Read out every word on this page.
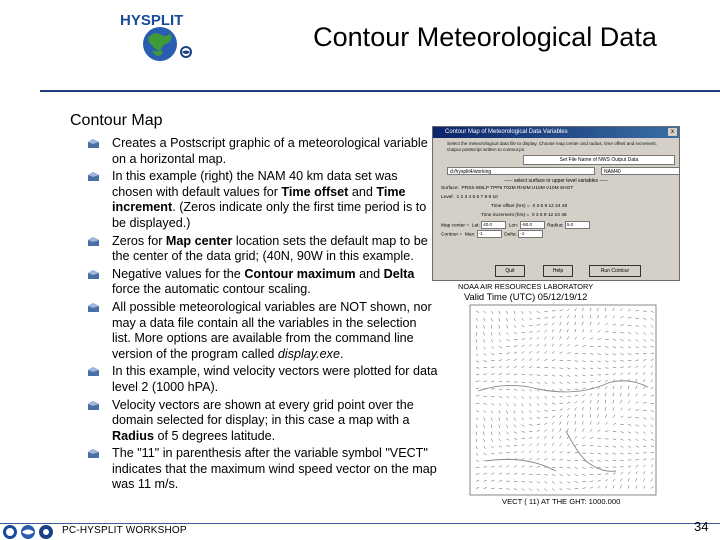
HYSPLIT
Contour Meteorological Data
Contour Map
Creates a Postscript graphic of a meteorological variable on a horizontal map.
In this example (right) the NAM 40 km data set was chosen with default values for Time offset and Time increment. (Zeros indicate only the first time period is to be displayed.)
Zeros for Map center location sets the default map to be the center of the data grid; (40N, 90W in this example.
Negative values for the Contour maximum and Delta force the automatic contour scaling.
All possible meteorological variables are NOT shown, nor may a data file contain all the variables in the selection list. More options are available from the command line version of the program called display.exe.
In this example, wind velocity vectors were plotted for data level 2 (1000 hPA).
Velocity vectors are shown at every grid point over the domain selected for display; in this case a map with a Radius of 5 degrees latitude.
The "11" in parenthesis after the variable symbol "VECT" indicates that the maximum wind speed vector on the map was 11 m/s.
Contour Map of Meteorological Data Variables	x
Select the meteorological data file to display. Choose map center and radius, time offset and increment. Output postscript written to contour.ps
Set File Name of NWS Output Data
d:/hysplit4/working	NAM40
----- select surface or upper level variables -----
Surface: PRSS MSLP TPP6 T02M RH2M U10M V10M SHGT
Level: 1 2 3 4 5 6 7 8 9 10
Time offset (hrs) = 0 3 6 9 12 24 48
Time increment (hrs) = 0 3 6 9 12 24 48
Map center = Lat: 40.0	Lon: -90.0	Radius: 5.0
Contour = Max: -1	Delta: -1
Quit	Help	Run Contour
NOAA AIR RESOURCES LABORATORY
Valid Time (UTC) 05/12/19/12
VECT ( 11) AT THE GHT: 1000.000
PC-HYSPLIT WORKSHOP	34
